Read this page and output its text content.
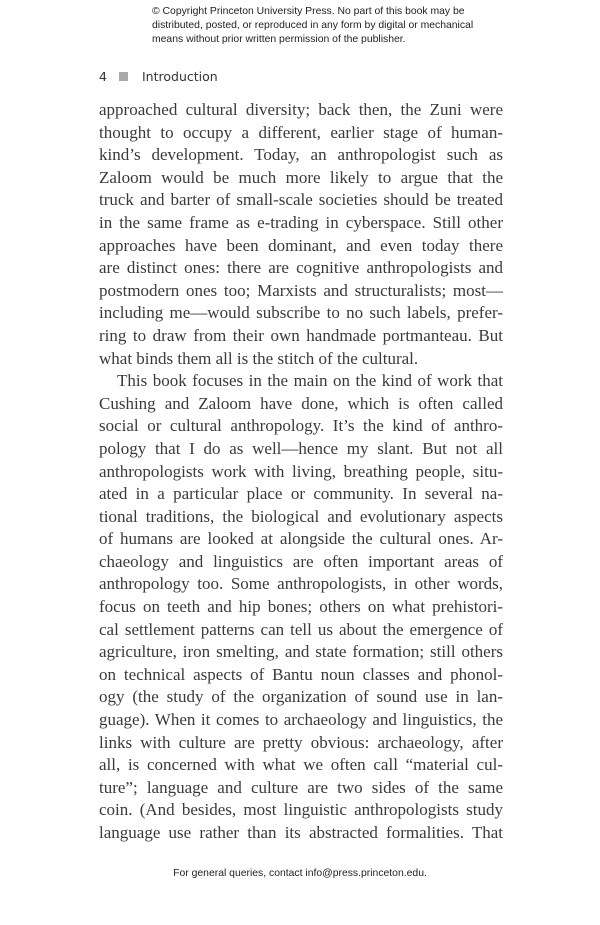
© Copyright Princeton University Press. No part of this book may be
distributed, posted, or reproduced in any form by digital or mechanical
means without prior written permission of the publisher.
4	Introduction
approached cultural diversity; back then, the Zuni were
thought to occupy a different, earlier stage of human-
kind’s development. Today, an anthropologist such as
Zaloom would be much more likely to argue that the
truck and barter of small-scale societies should be treated
in the same frame as e-trading in cyberspace. Still other
approaches have been dominant, and even today there
are distinct ones: there are cognitive anthropologists and
postmodern ones too; Marxists and structuralists; most—
including me—would subscribe to no such labels, prefer-
ring to draw from their own handmade portmanteau. But
what binds them all is the stitch of the cultural.
This book focuses in the main on the kind of work that
Cushing and Zaloom have done, which is often called
social or cultural anthropology. It’s the kind of anthro-
pology that I do as well—hence my slant. But not all
anthropologists work with living, breathing people, situ-
ated in a particular place or community. In several na-
tional traditions, the biological and evolutionary aspects
of humans are looked at alongside the cultural ones. Ar-
chaeology and linguistics are often important areas of
anthropology too. Some anthropologists, in other words,
focus on teeth and hip bones; others on what prehistori-
cal settlement patterns can tell us about the emergence of
agriculture, iron smelting, and state formation; still others
on technical aspects of Bantu noun classes and phonol-
ogy (the study of the organization of sound use in lan-
guage). When it comes to archaeology and linguistics, the
links with culture are pretty obvious: archaeology, after
all, is concerned with what we often call “material cul-
ture”; language and culture are two sides of the same
coin. (And besides, most linguistic anthropologists study
language use rather than its abstracted formalities. That
For general queries, contact info@press.princeton.edu.
